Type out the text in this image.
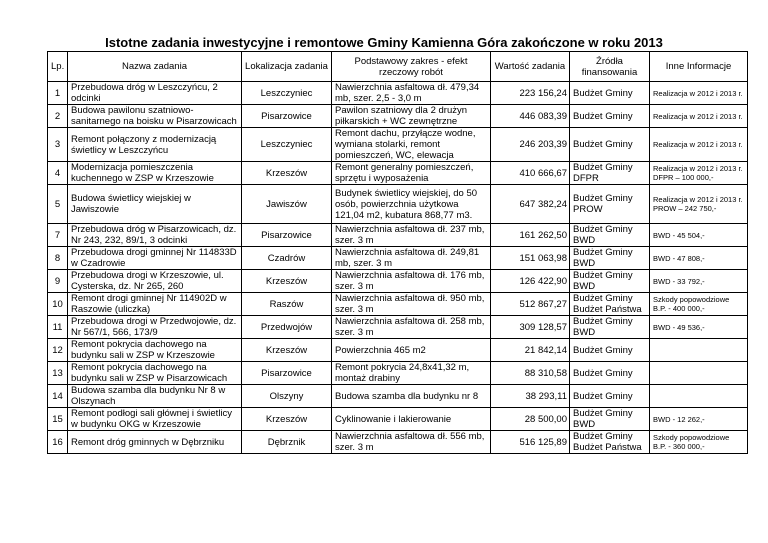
Istotne zadania inwestycyjne i remontowe Gminy Kamienna Góra zakończone w roku 2013
Lp.	Nazwa zadania	Lokalizacja zadania	Podstawowy zakres - efekt rzeczowy robót	Wartość zadania	Źródła finansowania	Inne Informacje
1	Przebudowa dróg w Leszczyńcu, 2 odcinki	Leszczyniec	Nawierzchnia asfaltowa dł. 479,34 mb, szer. 2,5 - 3,0 m	223 156,24	Budżet Gminy	Realizacja w 2012 i 2013 r.
2	Budowa pawilonu szatniowo-sanitarnego na boisku w Pisarzowicach	Pisarzowice	Pawilon szatniowy dla 2 drużyn piłkarskich + WC zewnętrzne	446 083,39	Budżet Gminy	Realizacja w 2012 i 2013 r.
3	Remont połączony z modernizacją świetlicy w Leszczyńcu	Leszczyniec	Remont dachu, przyłącze wodne, wymiana stolarki, remont pomieszczeń, WC, elewacja	246 203,39	Budżet Gminy	Realizacja w 2012 i 2013 r.
4	Modernizacja pomieszczenia kuchennego w ZSP w Krzeszowie	Krzeszów	Remont generalny pomieszczeń, sprzętu i wyposażenia	410 666,67	Budżet Gminy DFPR	Realizacja w 2012 i 2013 r. DFPR – 100 000,-
5	Budowa świetlicy wiejskiej w Jawiszowie	Jawiszów	Budynek świetlicy wiejskiej, do 50 osób, powierzchnia użytkowa 121,04 m2, kubatura 868,77 m3.	647 382,24	Budżet Gminy PROW	Realizacja w 2012 i 2013 r. PROW – 242 750,-
7	Przebudowa dróg w Pisarzowicach, dz. Nr 243, 232, 89/1, 3 odcinki	Pisarzowice	Nawierzchnia asfaltowa dł. 237 mb, szer. 3 m	161 262,50	Budżet Gminy BWD	BWD - 45 504,-
8	Przebudowa drogi gminnej Nr 114833D w Czadrowie	Czadrów	Nawierzchnia asfaltowa dł. 249,81 mb, szer. 3 m	151 063,98	Budżet Gminy BWD	BWD - 47 808,-
9	Przebudowa drogi w Krzeszowie, ul. Cysterska, dz. Nr 265, 260	Krzeszów	Nawierzchnia asfaltowa dł. 176 mb, szer. 3 m	126 422,90	Budżet Gminy BWD	BWD - 33 792,-
10	Remont drogi gminnej Nr 114902D w Raszowie (uliczka)	Raszów	Nawierzchnia asfaltowa dł. 950 mb, szer. 3 m	512 867,27	Budżet Gminy Budżet Państwa	Szkody popowodziowe B.P. - 400 000,-
11	Przebudowa drogi w Przedwojowie, dz. Nr 567/1, 566, 173/9	Przedwojów	Nawierzchnia asfaltowa dł. 258 mb, szer. 3 m	309 128,57	Budżet Gminy BWD	BWD - 49 536,-
12	Remont pokrycia dachowego na budynku sali w ZSP w Krzeszowie	Krzeszów	Powierzchnia 465 m2	21 842,14	Budżet Gminy	
13	Remont pokrycia dachowego na budynku sali w ZSP w Pisarzowicach	Pisarzowice	Remont pokrycia 24,8x41,32 m, montaż drabiny	88 310,58	Budżet Gminy	
14	Budowa szamba dla budynku Nr 8 w Olszynach	Olszyny	Budowa szamba dla budynku nr 8	38 293,11	Budżet Gminy	
15	Remont podłogi sali głównej i świetlicy w budynku OKG w Krzeszowie	Krzeszów	Cyklinowanie i lakierowanie	28 500,00	Budżet Gminy BWD	BWD - 12 262,-
16	Remont dróg gminnych w Dębrzniku	Dębrznik	Nawierzchnia asfaltowa dł. 556 mb, szer. 3 m	516 125,89	Budżet Gminy Budżet Państwa	Szkody popowodziowe B.P. - 360 000,-
